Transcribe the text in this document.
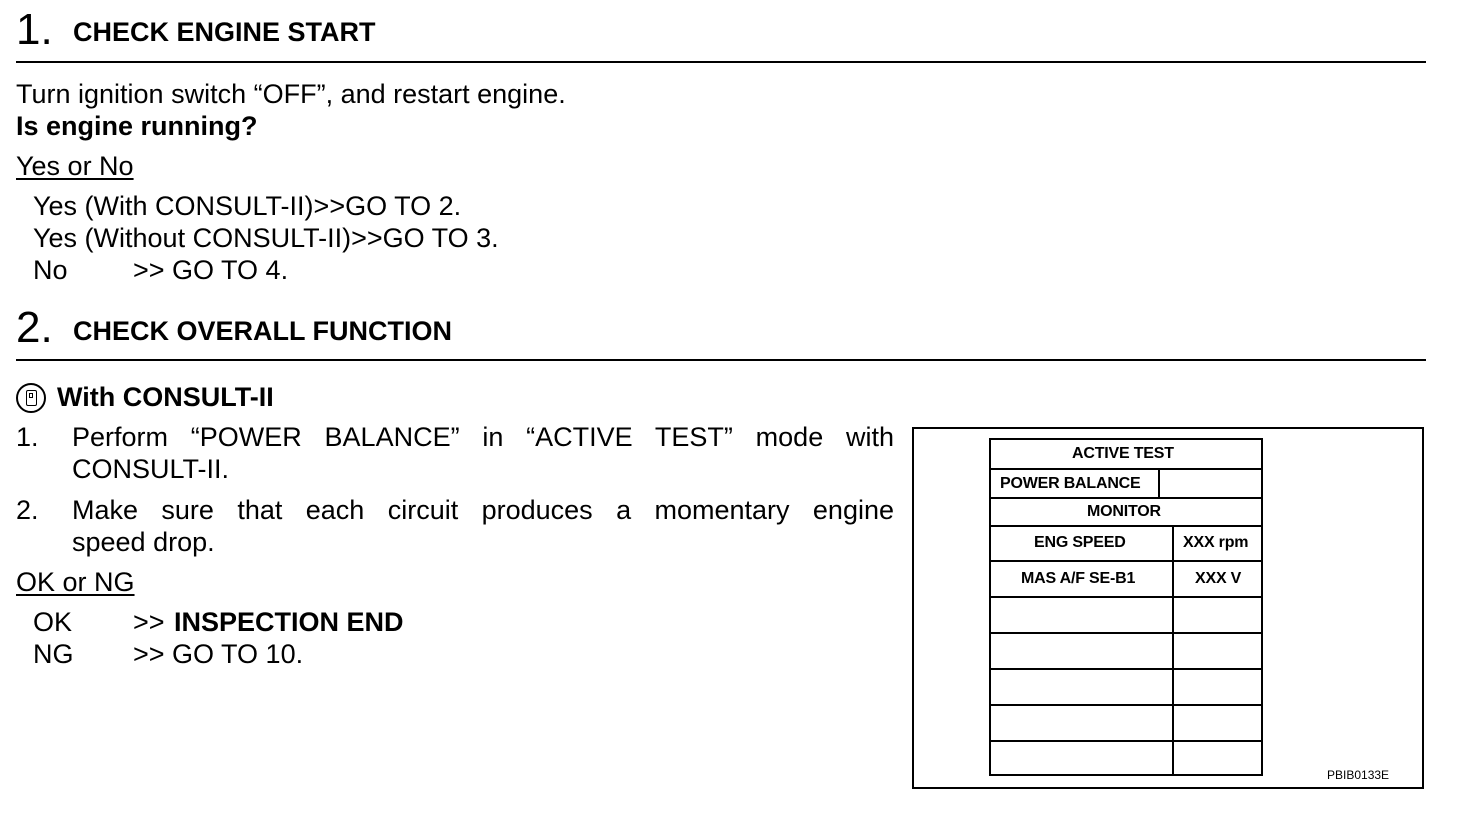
1. CHECK ENGINE START
Turn ignition switch “OFF”, and restart engine.
Is engine running?
Yes or No
Yes (With CONSULT-II)>>GO TO 2.
Yes (Without CONSULT-II)>>GO TO 3.
No >> GO TO 4.
2. CHECK OVERALL FUNCTION
With CONSULT-II
1. Perform “POWER BALANCE” in “ACTIVE TEST” mode with
CONSULT-II.
2. Make sure that each circuit produces a momentary engine
speed drop.
OK or NG
OK >> INSPECTION END
NG >> GO TO 10.
ACTIVE TEST
POWER BALANCE
MONITOR
ENG SPEED	XXX rpm
MAS A/F SE-B1	XXX V
PBIB0133E
